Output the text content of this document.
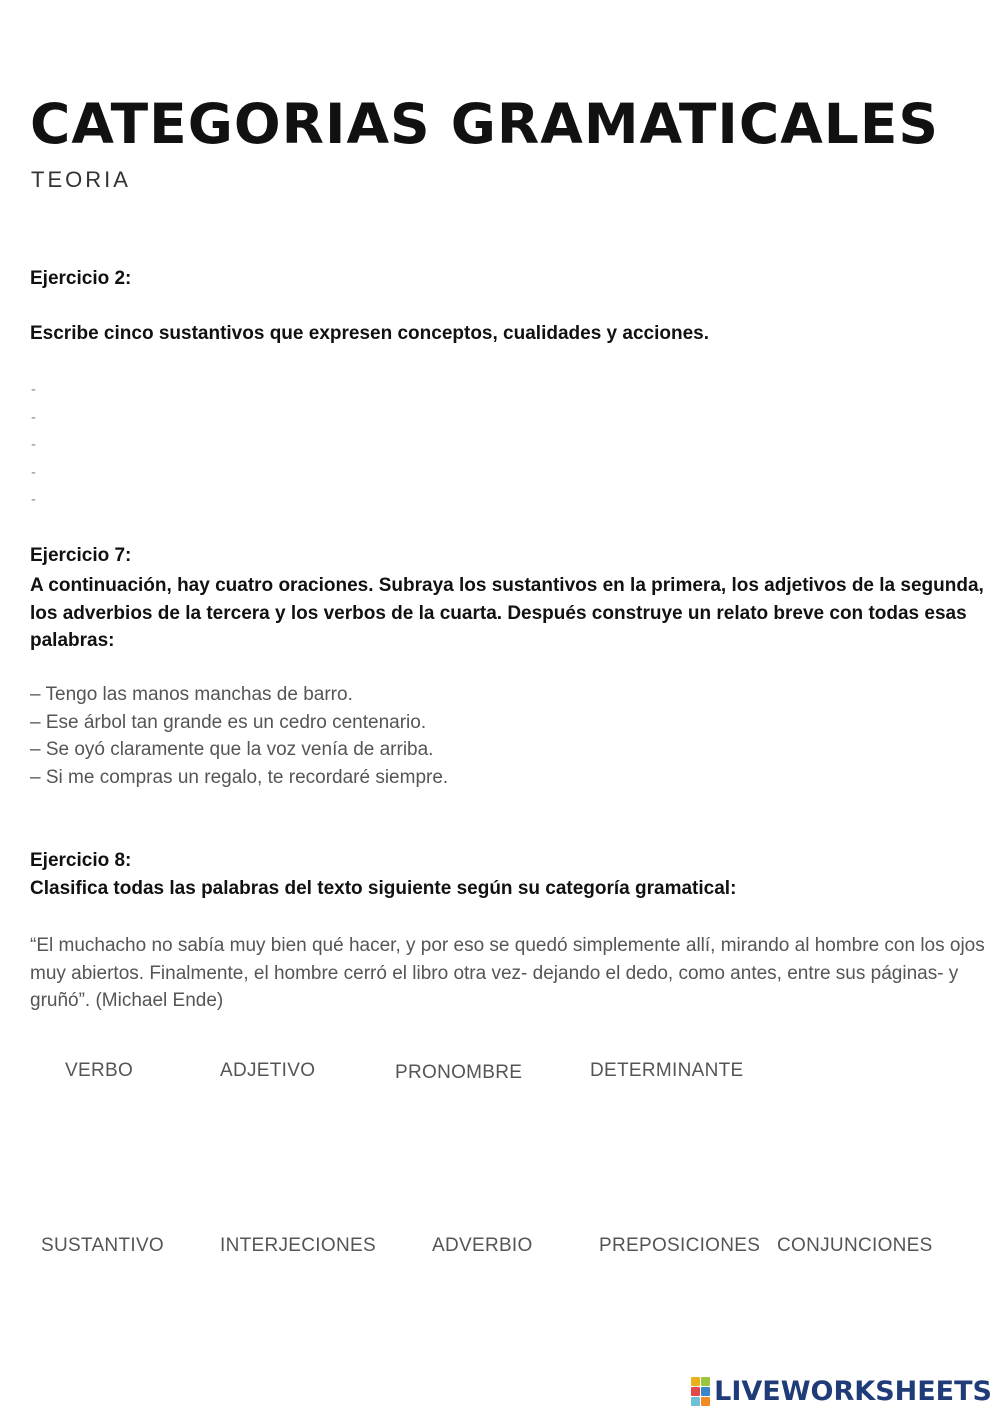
CATEGORIAS GRAMATICALES
TEORIA
Ejercicio 2:
Escribe cinco sustantivos que expresen conceptos, cualidades y acciones.
-
-
-
-
-
Ejercicio 7:
A continuación, hay cuatro oraciones. Subraya los sustantivos en la primera, los adjetivos de la segunda, los adverbios de la tercera y los verbos de la cuarta. Después construye un relato breve con todas esas palabras:
– Tengo las manos manchas de barro.
– Ese árbol tan grande es un cedro centenario.
– Se oyó claramente que la voz venía de arriba.
– Si me compras un regalo, te recordaré siempre.
Ejercicio 8:
Clasifica todas las palabras del texto siguiente según su categoría gramatical:
“El muchacho no sabía muy bien qué hacer, y por eso se quedó simplemente allí, mirando al hombre con los ojos muy abiertos. Finalmente, el hombre cerró el libro otra vez- dejando el dedo, como antes, entre sus páginas- y gruñó”. (Michael Ende)
VERBO	ADJETIVO	PRONOMBRE	DETERMINANTE
SUSTANTIVO	INTERJECIONES	ADVERBIO	PREPOSICIONES CONJUNCIONES
LIVEWORKSHEETS
